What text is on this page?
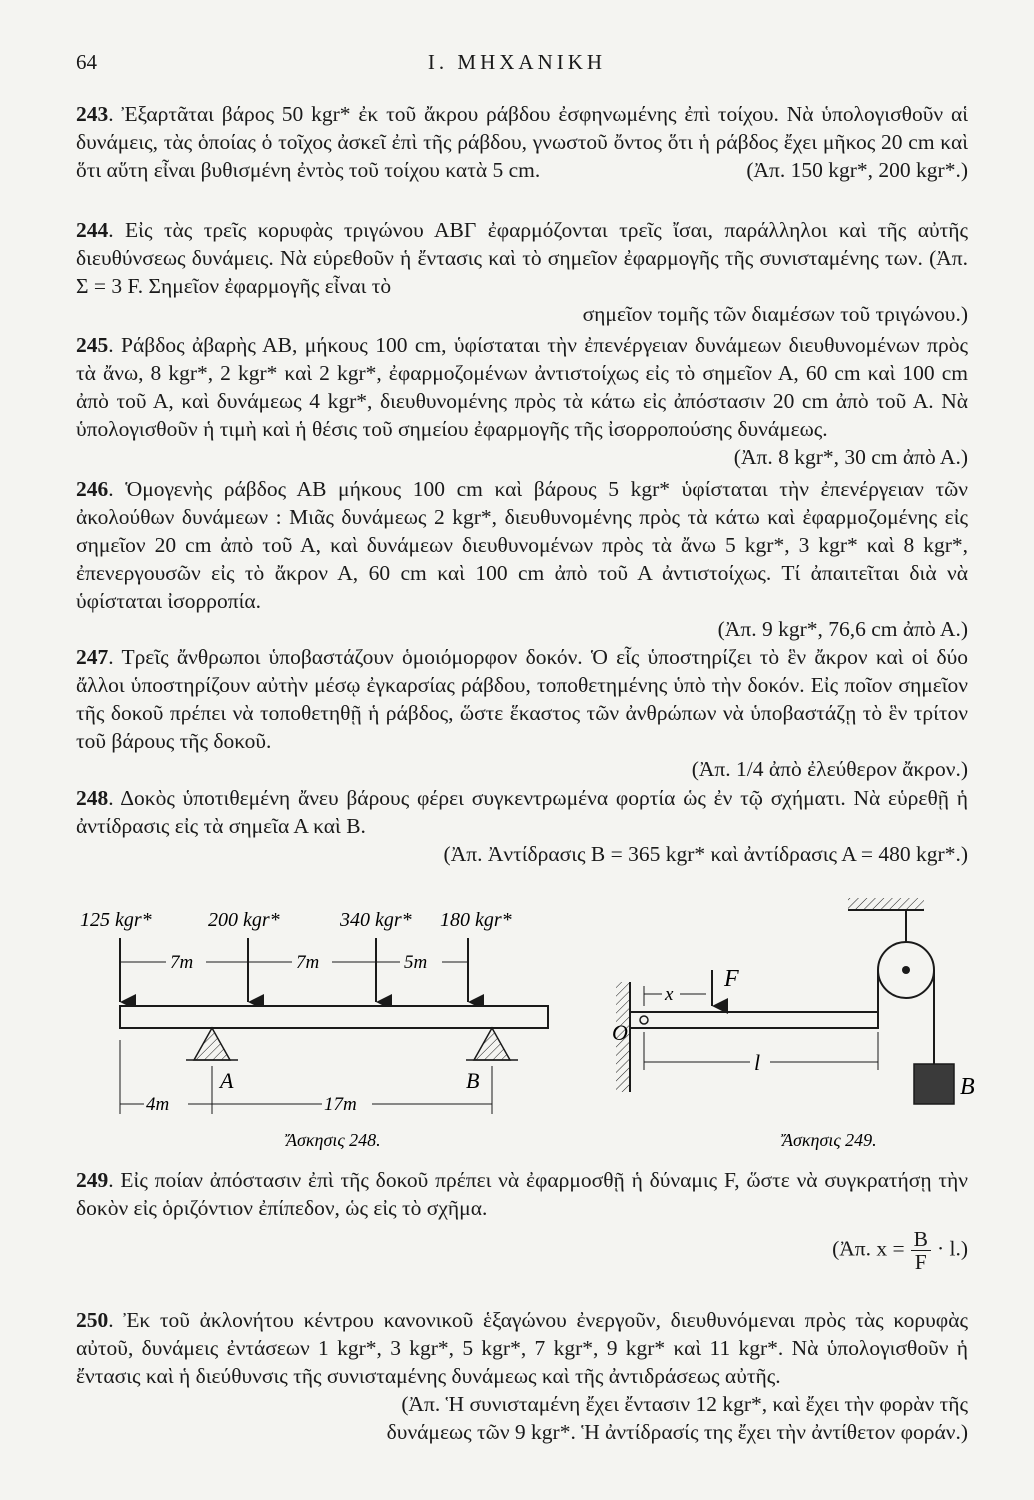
64	Ι. ΜΗΧΑΝΙΚΗ

243. Ἐξαρτᾶται βάρος 50 kgr* ἐκ τοῦ ἄκρου ράβδου ἐσφηνωμένης ἐπὶ τοίχου. Νὰ ὑπολογισθοῦν αἱ δυνάμεις, τὰς ὁποίας ὁ τοῖχος ἀσκεῖ ἐπὶ τῆς ράβδου, γνωστοῦ ὄντος ὅτι ἡ ράβδος ἔχει μῆκος 20 cm καὶ ὅτι αὕτη εἶναι βυθισμένη ἐντὸς τοῦ τοίχου κατὰ 5 cm.	(Ἀπ. 150 kgr*, 200 kgr*.)

244. Εἰς τὰς τρεῖς κορυφὰς τριγώνου ΑΒΓ ἐφαρμόζονται τρεῖς ἴσαι, παράλληλοι καὶ τῆς αὐτῆς διευθύνσεως δυνάμεις. Νὰ εὑρεθοῦν ἡ ἔντασις καὶ τὸ σημεῖον ἐφαρμογῆς τῆς συνισταμένης των. (Ἀπ. Σ = 3 F. Σημεῖον ἐφαρμογῆς εἶναι τὸ

σημεῖον τομῆς τῶν διαμέσων τοῦ τριγώνου.)

245. Ράβδος ἀβαρὴς ΑΒ, μήκους 100 cm, ὑφίσταται τὴν ἐπενέργειαν δυνάμεων διευθυνομένων πρὸς τὰ ἄνω, 8 kgr*, 2 kgr* καὶ 2 kgr*, ἐφαρμοζομένων ἀντιστοίχως εἰς τὸ σημεῖον Α, 60 cm καὶ 100 cm ἀπὸ τοῦ Α, καὶ δυνάμεως 4 kgr*, διευθυνομένης πρὸς τὰ κάτω εἰς ἀπόστασιν 20 cm ἀπὸ τοῦ Α. Νὰ ὑπολογισθοῦν ἡ τιμὴ καὶ ἡ θέσις τοῦ σημείου ἐφαρμογῆς τῆς ἰσορροπούσης δυνάμεως.
(Ἀπ. 8 kgr*, 30 cm ἀπὸ Α.)

246. Ὁμογενὴς ράβδος ΑΒ μήκους 100 cm καὶ βάρους 5 kgr* ὑφίσταται τὴν ἐπενέργειαν τῶν ἀκολούθων δυνάμεων : Μιᾶς δυνάμεως 2 kgr*, διευθυνομένης πρὸς τὰ κάτω καὶ ἐφαρμοζομένης εἰς σημεῖον 20 cm ἀπὸ τοῦ Α, καὶ δυνάμεων διευθυνομένων πρὸς τὰ ἄνω 5 kgr*, 3 kgr* καὶ 8 kgr*, ἐπενεργουσῶν εἰς τὸ ἄκρον Α, 60 cm καὶ 100 cm ἀπὸ τοῦ Α ἀντιστοίχως. Τί ἀπαιτεῖται διὰ νὰ ὑφίσταται ἰσορροπία.

(Ἀπ. 9 kgr*, 76,6 cm ἀπὸ Α.)

247. Τρεῖς ἄνθρωποι ὑποβαστάζουν ὁμοιόμορφον δοκόν. Ὁ εἷς ὑποστηρίζει τὸ ἓν ἄκρον καὶ οἱ δύο ἄλλοι ὑποστηρίζουν αὐτὴν μέσῳ ἐγκαρσίας ράβδου, τοποθετημένης ὑπὸ τὴν δοκόν. Εἰς ποῖον σημεῖον τῆς δοκοῦ πρέπει νὰ τοποθετηθῇ ἡ ράβδος, ὥστε ἕκαστος τῶν ἀνθρώπων νὰ ὑποβαστάζῃ τὸ ἓν τρίτον τοῦ βάρους τῆς δοκοῦ.

(Ἀπ. 1/4 ἀπὸ ἐλεύθερον ἄκρον.)

248. Δοκὸς ὑποτιθεμένη ἄνευ βάρους φέρει συγκεντρωμένα φορτία ὡς ἐν τῷ σχήματι. Νὰ εὑρεθῇ ἡ ἀντίδρασις εἰς τὰ σημεῖα Α καὶ Β.

(Ἀπ. Ἀντίδρασις Β = 365 kgr* καὶ ἀντίδρασις Α = 480 kgr*.)

125 kgr*	200 kgr*	340 kgr* 180 kgr*
7m	7m	5m
A	B
4m	17m
Ἄσκησις 248.
O
F
x
l
B
Ἄσκησις 249.

249. Εἰς ποίαν ἀπόστασιν ἐπὶ τῆς δοκοῦ πρέπει νὰ ἐφαρμοσθῇ ἡ δύναμις F, ὥστε νὰ συγκρατήσῃ τὴν δοκὸν εἰς ὁριζόντιον ἐπίπεδον, ὡς εἰς τὸ σχῆμα.

(Ἀπ. $x = \frac{B}{F} \cdot l$.)

250. Ἐκ τοῦ ἀκλονήτου κέντρου κανονικοῦ ἑξαγώνου ἐνεργοῦν, διευθυνόμεναι πρὸς τὰς κορυφὰς αὐτοῦ, δυνάμεις ἐντάσεων 1 kgr*, 3 kgr*, 5 kgr*, 7 kgr*, 9 kgr* καὶ 11 kgr*. Νὰ ὑπολογισθοῦν ἡ ἔντασις καὶ ἡ διεύθυνσις τῆς συνισταμένης δυνάμεως καὶ τῆς ἀντιδράσεως αὐτῆς.

(Ἀπ. Ἡ συνισταμένη ἔχει ἔντασιν 12 kgr*, καὶ ἔχει τὴν φορὰν τῆς

δυνάμεως τῶν 9 kgr*. Ἡ ἀντίδρασίς της ἔχει τὴν ἀντίθετον φοράν.)
